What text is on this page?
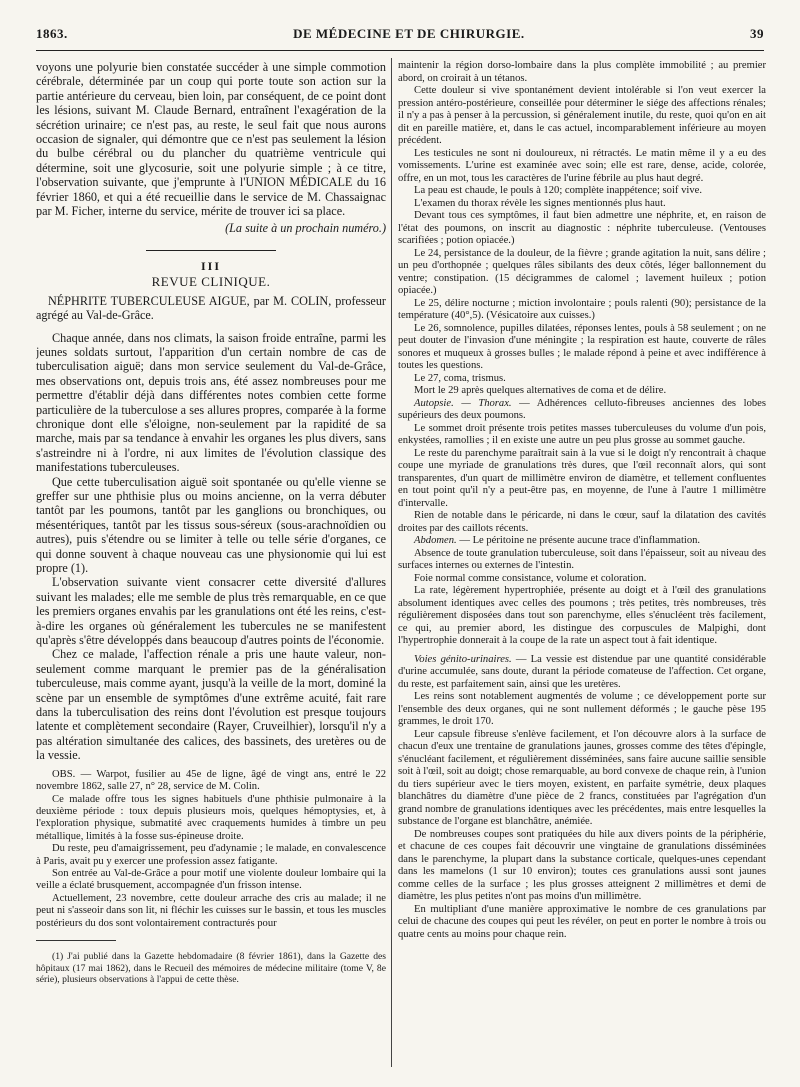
1863.	DE MÉDECINE ET DE CHIRURGIE.	39

voyons une polyurie bien constatée succéder à une simple commotion cérébrale, déterminée par un coup qui porte toute son action sur la partie antérieure du cerveau, bien loin, par conséquent, de ce point dont les lésions, suivant M. Claude Bernard, entraînent l'exagération de la sécrétion urinaire; ce n'est pas, au reste, le seul fait que nous aurons occasion de signaler, qui démontre que ce n'est pas seulement la lésion du bulbe cérébral ou du plancher du quatrième ventricule qui détermine, soit une glycosurie, soit une polyurie simple ; à ce titre, l'observation suivante, que j'emprunte à l'UNION MÉDICALE du 16 février 1860, et qui a été recueillie dans le service de M. Chassaignac par M. Ficher, interne du service, mérite de trouver ici sa place.

(La suite à un prochain numéro.)

III
REVUE CLINIQUE.

NÉPHRITE TUBERCULEUSE AIGUE, par M. COLIN, professeur agrégé au Val-de-Grâce.

Chaque année, dans nos climats, la saison froide entraîne, parmi les jeunes soldats surtout, l'apparition d'un certain nombre de cas de tuberculisation aiguë; dans mon service seulement du Val-de-Grâce, mes observations ont, depuis trois ans, été assez nombreuses pour me permettre d'établir déjà dans différentes notes combien cette forme particulière de la tuberculose a ses allures propres, comparée à la forme chronique dont elle s'éloigne, non-seulement par la rapidité de sa marche, mais par sa tendance à envahir les organes les plus divers, sans s'astreindre ni à l'ordre, ni aux limites de l'évolution classique des manifestations tuberculeuses.

Que cette tuberculisation aiguë soit spontanée ou qu'elle vienne se greffer sur une phthisie plus ou moins ancienne, on la verra débuter tantôt par les poumons, tantôt par les ganglions ou bronchiques, ou mésentériques, tantôt par les tissus sous-séreux (sous-arachnoïdien ou autres), puis s'étendre ou se limiter à telle ou telle série d'organes, ce qui donne souvent à chaque nouveau cas une physionomie qui lui est propre (1).

L'observation suivante vient consacrer cette diversité d'allures suivant les malades; elle me semble de plus très remarquable, en ce que les premiers organes envahis par les granulations ont été les reins, c'est-à-dire les organes où généralement les tubercules ne se manifestent qu'après s'être développés dans beaucoup d'autres points de l'économie.

Chez ce malade, l'affection rénale a pris une haute valeur, non-seulement comme marquant le premier pas de la généralisation tuberculeuse, mais comme ayant, jusqu'à la veille de la mort, dominé la scène par un ensemble de symptômes d'une extrême acuité, fait rare dans la tuberculisation des reins dont l'évolution est presque toujours latente et complètement secondaire (Rayer, Cruveilhier), lorsqu'il n'y a pas altération simultanée des calices, des bassinets, des uretères ou de la vessie.

OBS. — Warpot, fusilier au 45e de ligne, âgé de vingt ans, entré le 22 novembre 1862, salle 27, n° 28, service de M. Colin.

Ce malade offre tous les signes habituels d'une phthisie pulmonaire à la deuxième période : toux depuis plusieurs mois, quelques hémoptysies, et, à l'exploration physique, submatité avec craquements humides à timbre un peu métallique, limités à la fosse sus-épineuse droite.

Du reste, peu d'amaigrissement, peu d'adynamie ; le malade, en convalescence à Paris, avait pu y exercer une profession assez fatigante.

Son entrée au Val-de-Grâce a pour motif une violente douleur lombaire qui la veille a éclaté brusquement, accompagnée d'un frisson intense.

Actuellement, 23 novembre, cette douleur arrache des cris au malade; il ne peut ni s'asseoir dans son lit, ni fléchir les cuisses sur le bassin, et tous les muscles postérieurs du dos sont volontairement contracturés pour

(1) J'ai publié dans la Gazette hebdomadaire (8 février 1861), dans la Gazette des hôpitaux (17 mai 1862), dans le Recueil des mémoires de médecine militaire (tome V, 8e série), plusieurs observations à l'appui de cette thèse.

maintenir la région dorso-lombaire dans la plus complète immobilité ; au premier abord, on croirait à un tétanos.

Cette douleur si vive spontanément devient intolérable si l'on veut exercer la pression antéro-postérieure, conseillée pour déterminer le siége des affections rénales; il n'y a pas à penser à la percussion, si généralement inutile, du reste, quoi qu'on en ait dit en pareille matière, et, dans le cas actuel, incomparablement inférieure au moyen précédent.

Les testicules ne sont ni douloureux, ni rétractés. Le matin même il y a eu des vomissements. L'urine est examinée avec soin; elle est rare, dense, acide, colorée, offre, en un mot, tous les caractères de l'urine fébrile au plus haut degré.

La peau est chaude, le pouls à 120; complète inappétence; soif vive.

L'examen du thorax révèle les signes mentionnés plus haut.

Devant tous ces symptômes, il faut bien admettre une néphrite, et, en raison de l'état des poumons, on inscrit au diagnostic : néphrite tuberculeuse. (Ventouses scarifiées ; potion opiacée.)

Le 24, persistance de la douleur, de la fièvre ; grande agitation la nuit, sans délire ; un peu d'orthopnée ; quelques râles sibilants des deux côtés, léger ballonnement du ventre; constipation. (15 décigrammes de calomel ; lavement huileux ; potion opiacée.)

Le 25, délire nocturne ; miction involontaire ; pouls ralenti (90); persistance de la température (40°,5). (Vésicatoire aux cuisses.)

Le 26, somnolence, pupilles dilatées, réponses lentes, pouls à 58 seulement ; on ne peut douter de l'invasion d'une méningite ; la respiration est haute, couverte de râles sonores et muqueux à grosses bulles ; le malade répond à peine et avec indifférence à toutes les questions.

Le 27, coma, trismus.

Mort le 29 après quelques alternatives de coma et de délire.

Autopsie. — Thorax. — Adhérences celluto-fibreuses anciennes des lobes supérieurs des deux poumons.

Le sommet droit présente trois petites masses tuberculeuses du volume d'un pois, enkystées, ramollies ; il en existe une autre un peu plus grosse au sommet gauche.

Le reste du parenchyme paraîtrait sain à la vue si le doigt n'y rencontrait à chaque coupe une myriade de granulations très dures, que l'œil reconnaît alors, qui sont transparentes, d'un quart de millimètre environ de diamètre, et tellement confluentes en tout point qu'il n'y a peut-être pas, en moyenne, de l'une à l'autre 1 millimètre d'intervalle.

Rien de notable dans le péricarde, ni dans le cœur, sauf la dilatation des cavités droites par des caillots récents.

Abdomen. — Le péritoine ne présente aucune trace d'inflammation.

Absence de toute granulation tuberculeuse, soit dans l'épaisseur, soit au niveau des surfaces internes ou externes de l'intestin.

Foie normal comme consistance, volume et coloration.

La rate, légèrement hypertrophiée, présente au doigt et à l'œil des granulations absolument identiques avec celles des poumons ; très petites, très nombreuses, très régulièrement disposées dans tout son parenchyme, elles s'énucléent très facilement, ce qui, au premier abord, les distingue des corpuscules de Malpighi, dont l'hypertrophie donnerait à la coupe de la rate un aspect tout à fait identique.

Voies génito-urinaires. — La vessie est distendue par une quantité considérable d'urine accumulée, sans doute, durant la période comateuse de l'affection. Cet organe, du reste, est parfaitement sain, ainsi que les uretères.

Les reins sont notablement augmentés de volume ; ce développement porte sur l'ensemble des deux organes, qui ne sont nullement déformés ; le gauche pèse 195 grammes, le droit 170.

Leur capsule fibreuse s'enlève facilement, et l'on découvre alors à la surface de chacun d'eux une trentaine de granulations jaunes, grosses comme des têtes d'épingle, s'énucléant facilement, et régulièrement disséminées, sans faire aucune saillie sensible soit à l'œil, soit au doigt; chose remarquable, au bord convexe de chaque rein, à l'union du tiers supérieur avec le tiers moyen, existent, en parfaite symétrie, deux plaques blanchâtres du diamètre d'une pièce de 2 francs, constituées par l'agrégation d'un grand nombre de granulations identiques avec les précédentes, mais entre lesquelles la substance de l'organe est blanchâtre, anémiée.

De nombreuses coupes sont pratiquées du hile aux divers points de la périphérie, et chacune de ces coupes fait découvrir une vingtaine de granulations disséminées dans le parenchyme, la plupart dans la substance corticale, quelques-unes cependant dans les mamelons (1 sur 10 environ); toutes ces granulations aussi sont jaunes comme celles de la surface ; les plus grosses atteignent 2 millimètres et demi de diamètre, les plus petites n'ont pas moins d'un millimètre.

En multipliant d'une manière approximative le nombre de ces granulations par celui de chacune des coupes qui peut les révéler, on peut en porter le nombre à trois ou quatre cents au moins pour chaque rein.
